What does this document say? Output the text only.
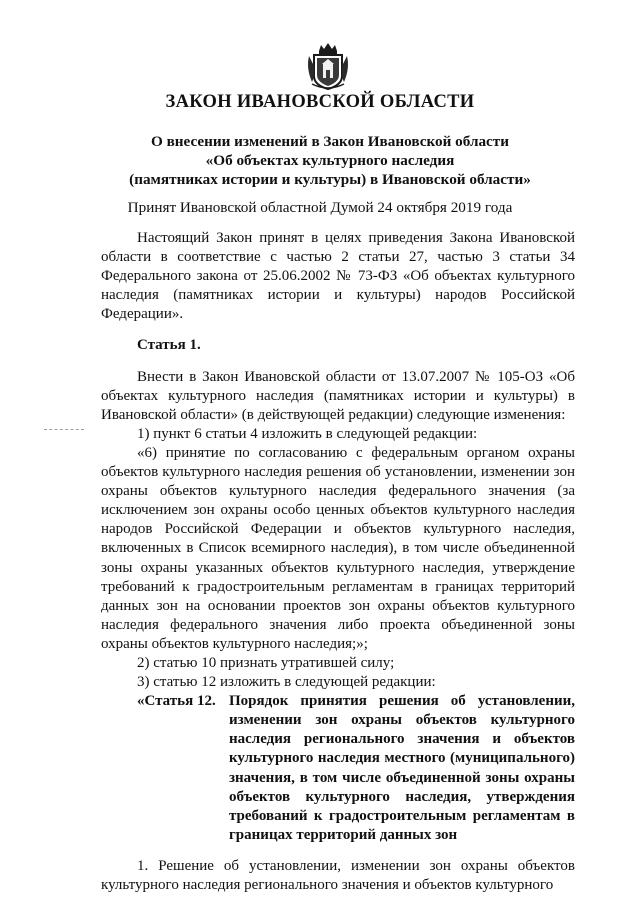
ЗАКОН ИВАНОВСКОЙ ОБЛАСТИ
О внесении изменений в Закон Ивановской области
«Об объектах культурного наследия
(памятниках истории и культуры) в Ивановской области»
Принят Ивановской областной Думой 24 октября 2019 года

Настоящий Закон принят в целях приведения Закона Ивановской области в соответствие с частью 2 статьи 27, частью 3 статьи 34 Федерального закона от 25.06.2002 № 73-ФЗ «Об объектах культурного наследия (памятниках истории и культуры) народов Российской Федерации».

Статья 1.

Внести в Закон Ивановской области от 13.07.2007 № 105-ОЗ «Об объектах культурного наследия (памятниках истории и культуры) в Ивановской области» (в действующей редакции) следующие изменения:

1) пункт 6 статьи 4 изложить в следующей редакции:

«6) принятие по согласованию с федеральным органом охраны объектов культурного наследия решения об установлении, изменении зон охраны объектов культурного наследия федерального значения (за исключением зон охраны особо ценных объектов культурного наследия народов Российской Федерации и объектов культурного наследия, включенных в Список всемирного наследия), в том числе объединенной зоны охраны указанных объектов культурного наследия, утверждение требований к градостроительным регламентам в границах территорий данных зон на основании проектов зон охраны объектов культурного наследия федерального значения либо проекта объединенной зоны охраны объектов культурного наследия;»;

2) статью 10 признать утратившей силу;

3) статью 12 изложить в следующей редакции:

«Статья 12. Порядок принятия решения об установлении, изменении зон охраны объектов культурного наследия регионального значения и объектов культурного наследия местного (муниципального) значения, в том числе объединенной зоны охраны объектов культурного наследия, утверждения требований к градостроительным регламентам в границах территорий данных зон

1. Решение об установлении, изменении зон охраны объектов культурного наследия регионального значения и объектов культурного
